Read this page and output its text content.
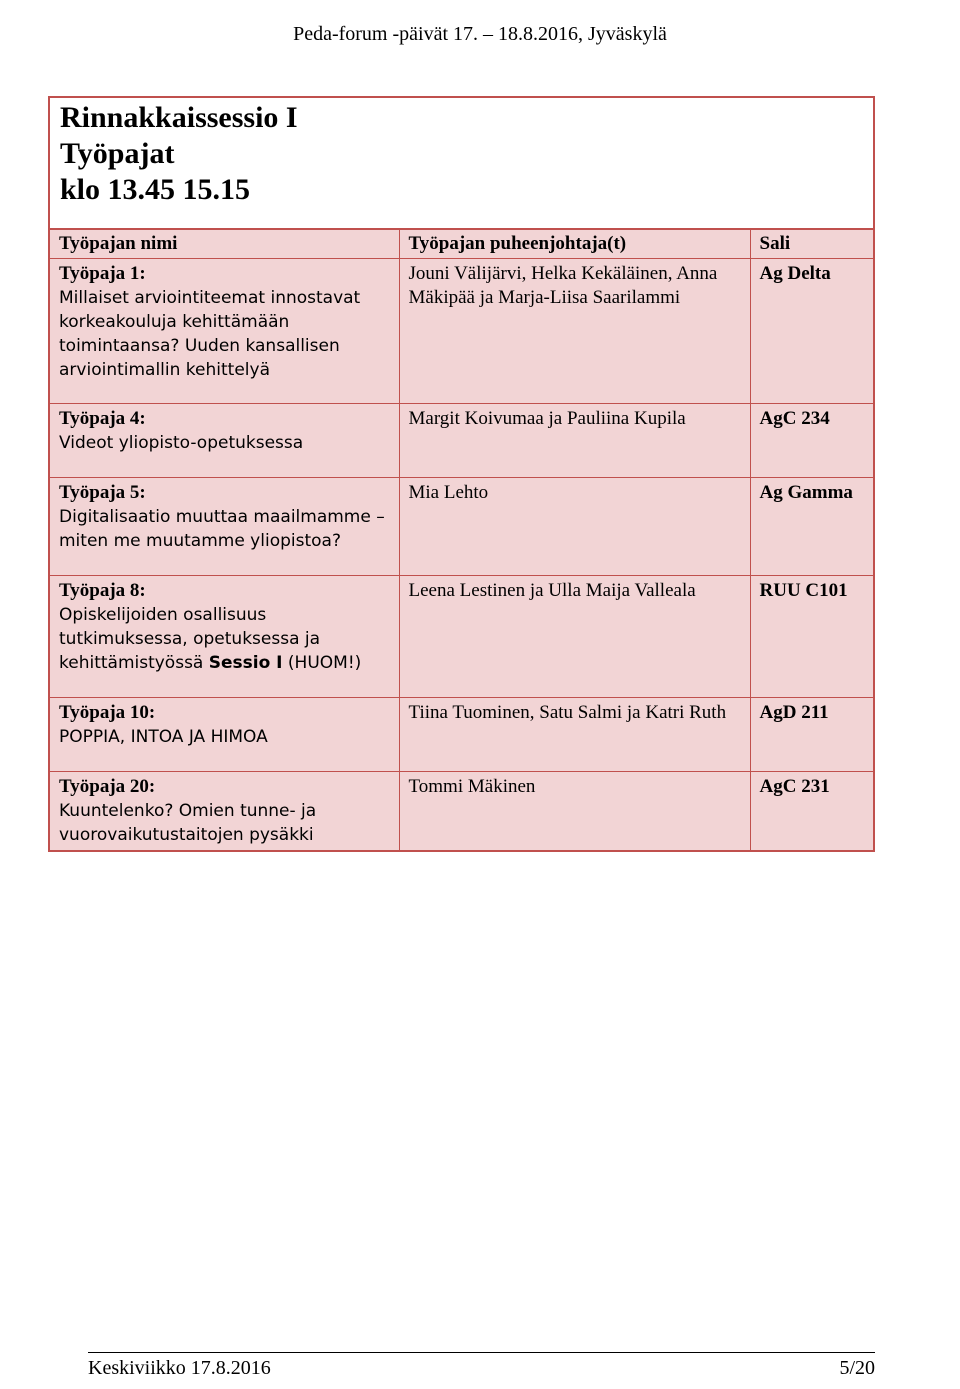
Peda-forum -päivät 17. – 18.8.2016, Jyväskylä
Rinnakkaissessio I
Työpajat
klo 13.45 15.15
Työpajan nimi	Työpajan puheenjohtaja(t)	Sali

Työpaja 1:
Millaiset arviointiteemat innostavat korkeakouluja kehittämään toimintaansa? Uuden kansallisen arviointimallin kehittelyä	Jouni Välijärvi, Helka Kekäläinen, Anna Mäkipää ja Marja-Liisa Saarilammi	Ag Delta

Työpaja 4:
Videot yliopisto-opetuksessa	Margit Koivumaa ja Pauliina Kupila	AgC 234

Työpaja 5:
Digitalisaatio muuttaa maailmamme – miten me muutamme yliopistoa?	Mia Lehto	Ag Gamma

Työpaja 8:
Opiskelijoiden osallisuus tutkimuksessa, opetuksessa ja kehittämistyössä Sessio I (HUOM!)	Leena Lestinen ja Ulla Maija Valleala	RUU C101

Työpaja 10:
POPPIA, INTOA JA HIMOA	Tiina Tuominen, Satu Salmi ja Katri Ruth	AgD 211

Työpaja 20:
Kuuntelenko? Omien tunne- ja vuorovaikutustaitojen pysäkki	Tommi Mäkinen	AgC 231
Keskiviikko 17.8.2016	5/20
